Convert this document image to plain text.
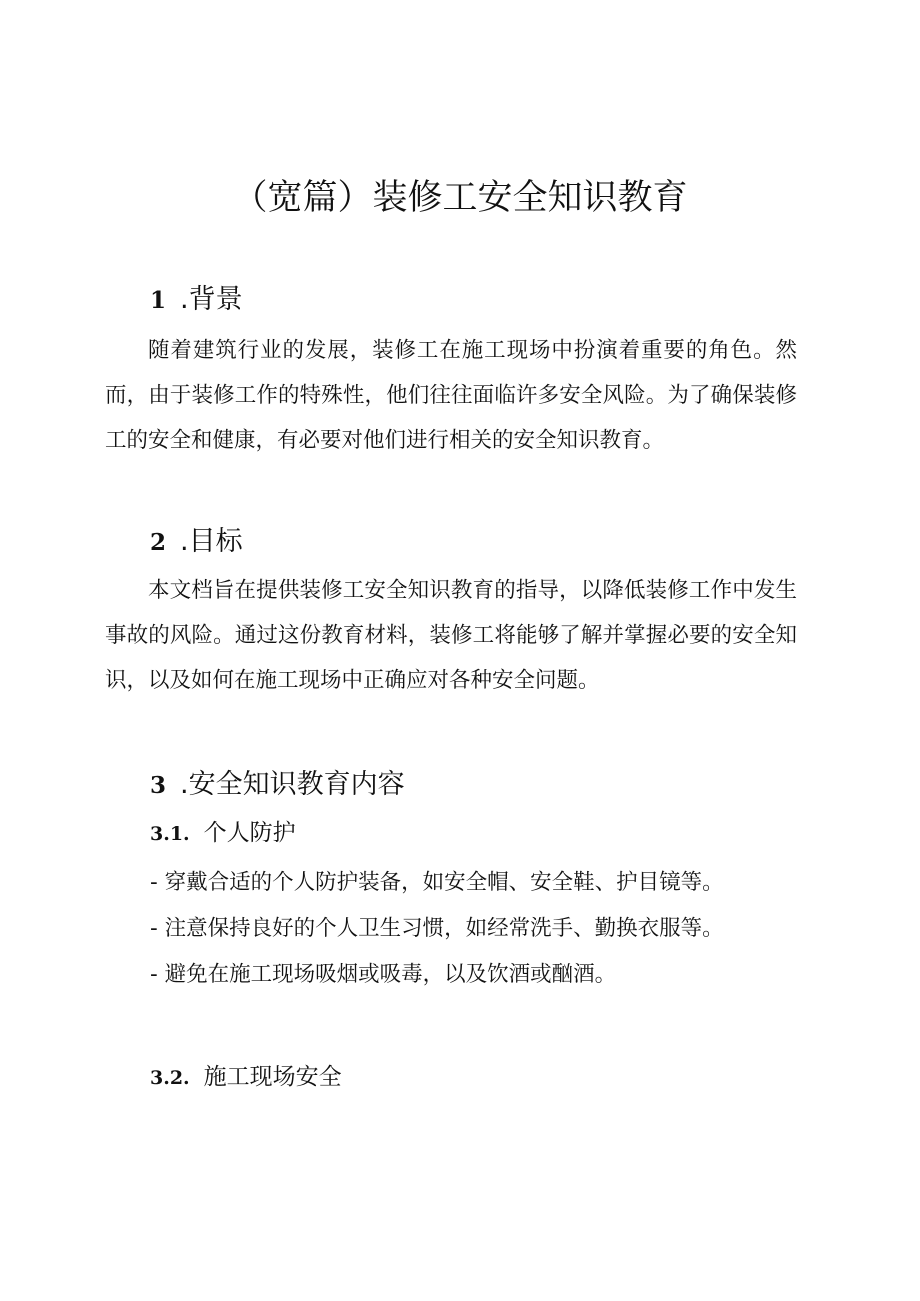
（宽篇）装修工安全知识教育
1 .背景

随着建筑行业的发展，装修工在施工现场中扮演着重要的角色。然而，由于装修工作的特殊性，他们往往面临许多安全风险。为了确保装修工的安全和健康，有必要对他们进行相关的安全知识教育。

2 .目标

本文档旨在提供装修工安全知识教育的指导，以降低装修工作中发生事故的风险。通过这份教育材料，装修工将能够了解并掌握必要的安全知识，以及如何在施工现场中正确应对各种安全问题。

3 .安全知识教育内容
3.1. 个人防护
- 穿戴合适的个人防护装备，如安全帽、安全鞋、护目镜等。
- 注意保持良好的个人卫生习惯，如经常洗手、勤换衣服等。
- 避免在施工现场吸烟或吸毒，以及饮酒或酗酒。
3.2. 施工现场安全
